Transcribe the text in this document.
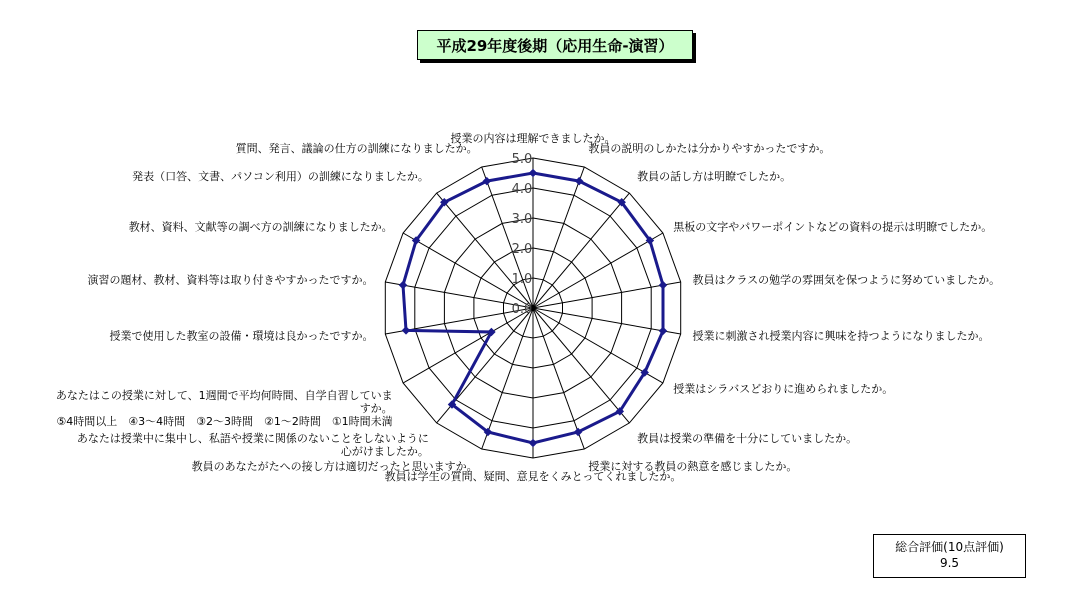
平成29年度後期（応用生命-演習）
0.0
1.0
2.0
3.0
4.0
5.0
授業の内容は理解できましたか。
教員の説明のしかたは分かりやすかったですか。
教員の話し方は明瞭でしたか。
黒板の文字やパワーポイントなどの資料の提示は明瞭でしたか。
教員はクラスの勉学の雰囲気を保つように努めていましたか。
授業に刺激され授業内容に興味を持つようになりましたか。
授業はシラバスどおりに進められましたか。
教員は授業の準備を十分にしていましたか。
授業に対する教員の熱意を感じましたか。
教員は学生の質問、疑問、意見をくみとってくれましたか。
教員のあなたがたへの接し方は適切だったと思いますか。
あなたは授業中に集中し、私語や授業に関係のないことをしないように心がけましたか。
あなたはこの授業に対して、1週間で平均何時間、自学自習していますか。 ⑤4時間以上　④3～4時間　③2～3時間　②1～2時間　①1時間未満
授業で使用した教室の設備・環境は良かったですか。
演習の題材、教材、資料等は取り付きやすかったですか。
教材、資料、文献等の調べ方の訓練になりましたか。
発表（口答、文書、パソコン利用）の訓練になりましたか。
質問、発言、議論の仕方の訓練になりましたか。
総合評価(10点評価)
9.5
